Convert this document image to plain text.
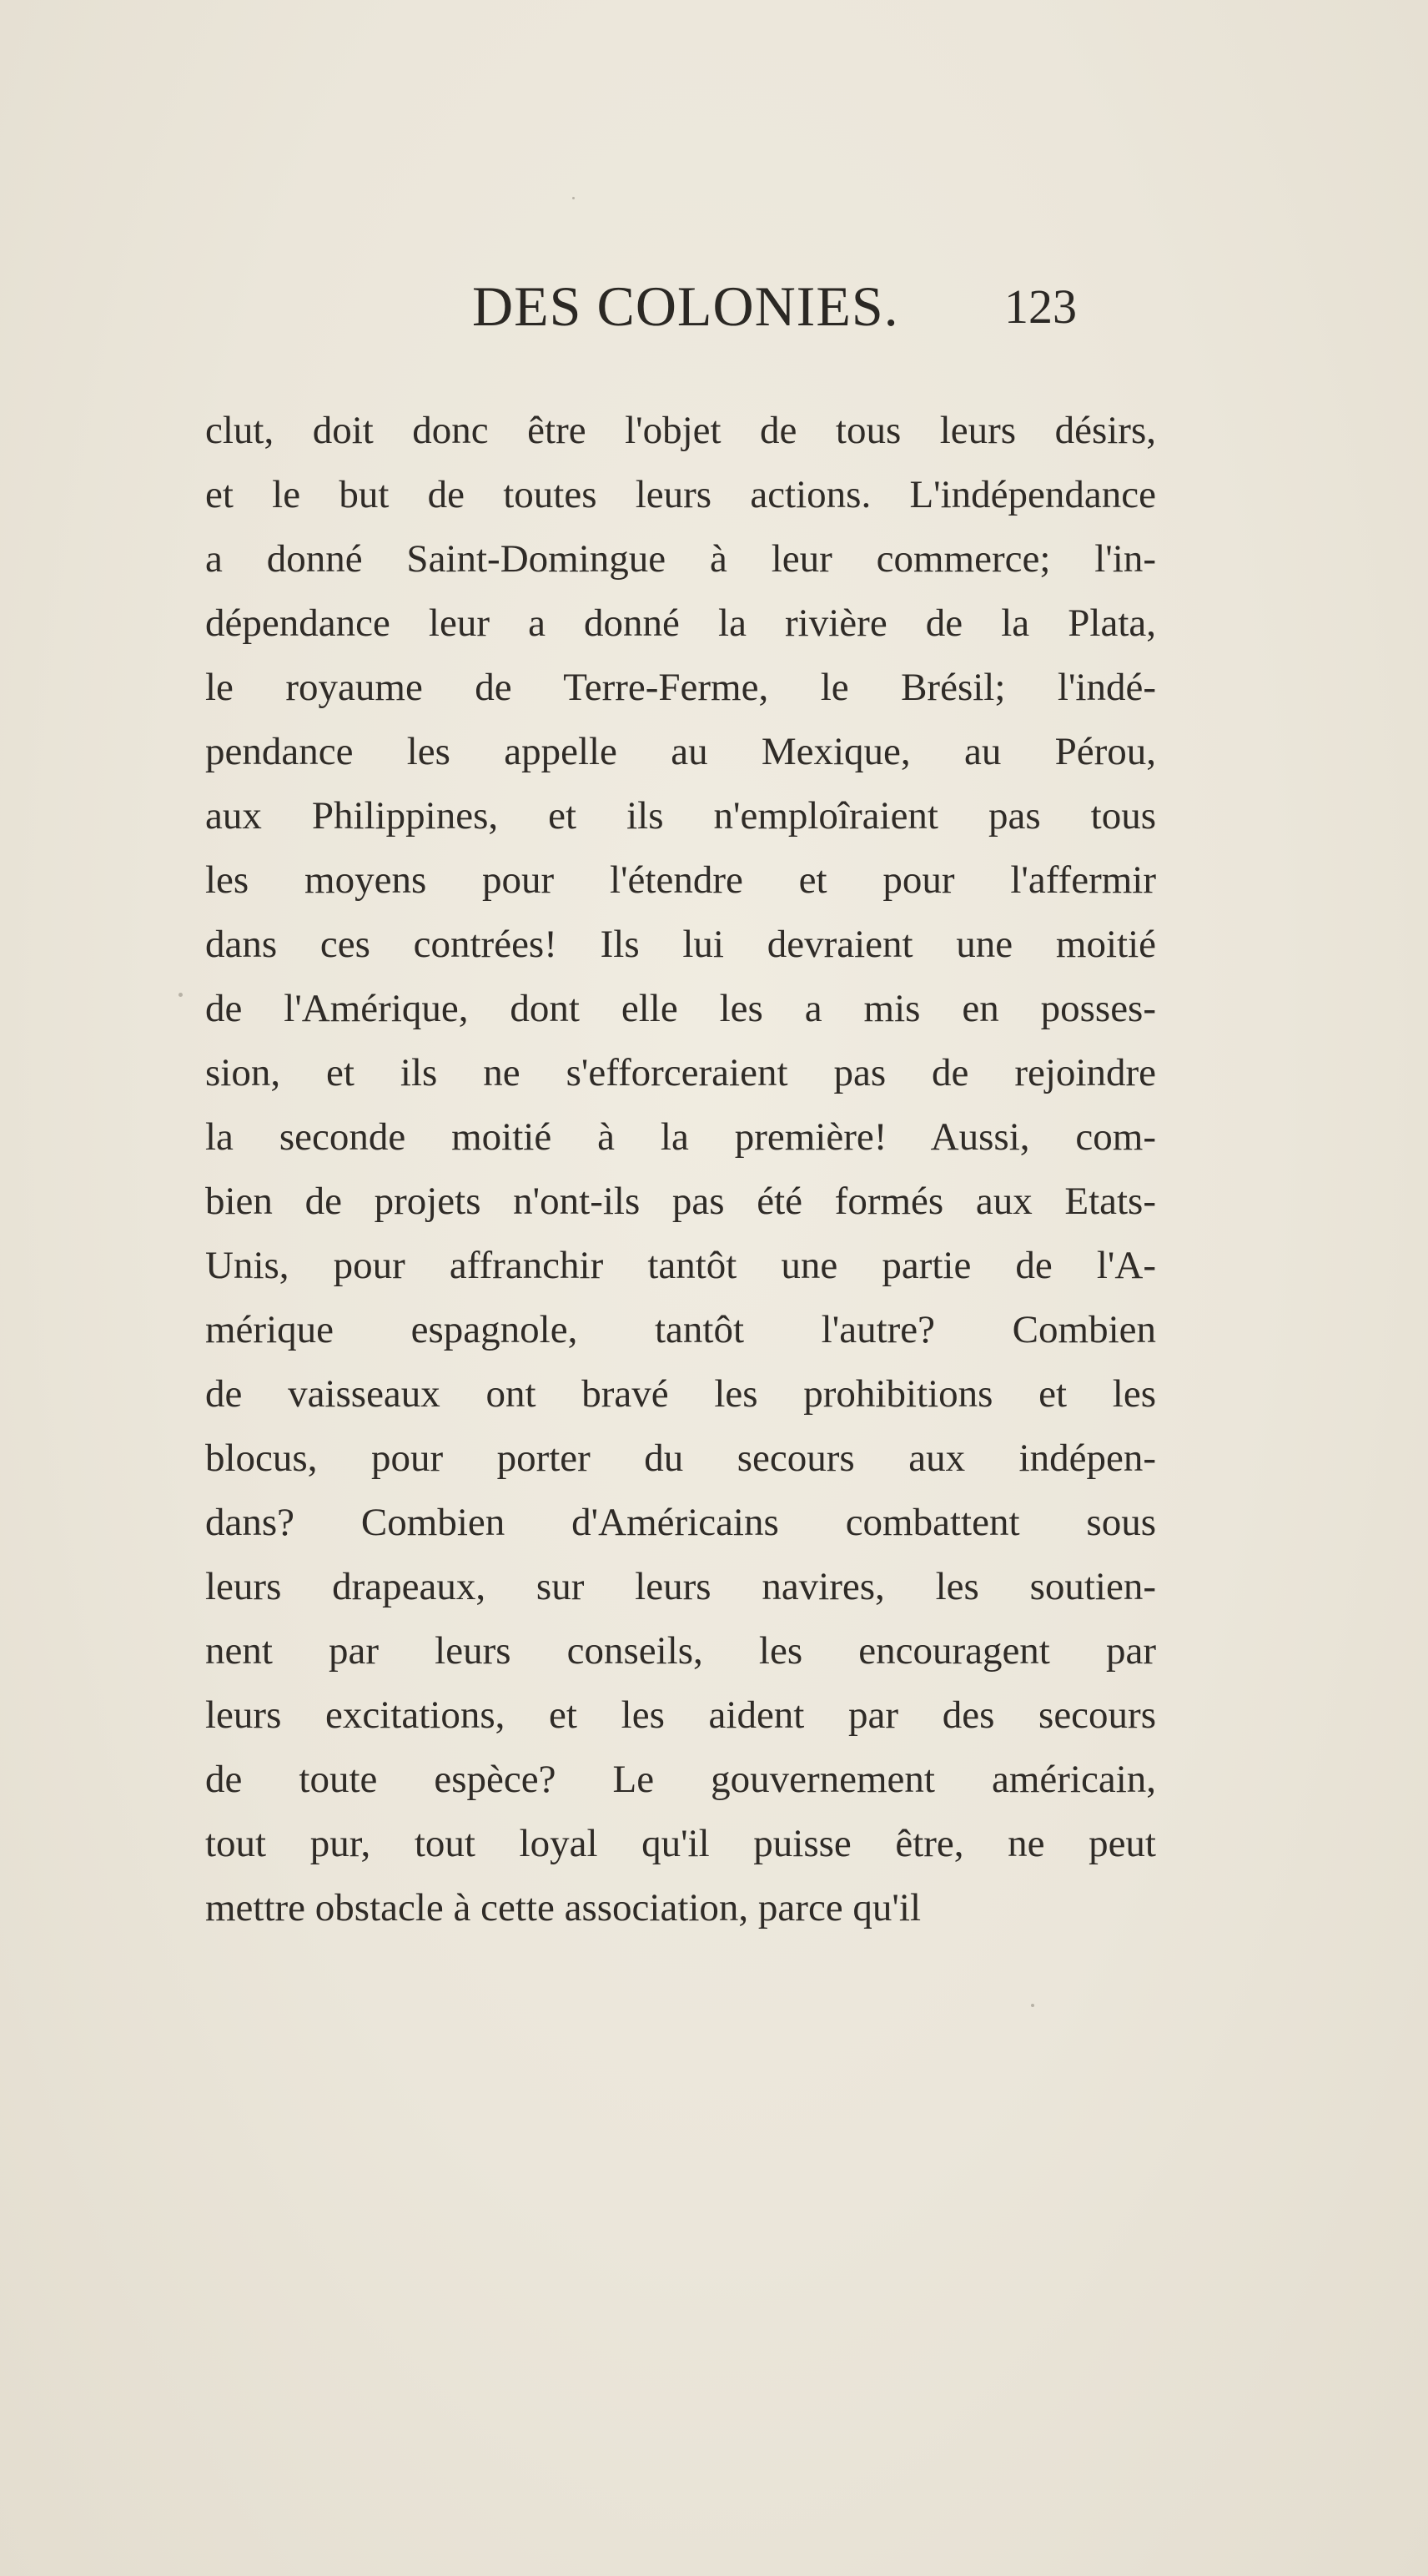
DES COLONIES. 123
clut, doit donc être l'objet de tous leurs désirs,
et le but de toutes leurs actions. L'indépendance
a donné Saint-Domingue à leur commerce; l'in-
dépendance leur a donné la rivière de la Plata,
le royaume de Terre-Ferme, le Brésil; l'indé-
pendance les appelle au Mexique, au Pérou,
aux Philippines, et ils n'emploîraient pas tous
les moyens pour l'étendre et pour l'affermir
dans ces contrées! Ils lui devraient une moitié
de l'Amérique, dont elle les a mis en posses-
sion, et ils ne s'efforceraient pas de rejoindre
la seconde moitié à la première! Aussi, com-
bien de projets n'ont-ils pas été formés aux Etats-
Unis, pour affranchir tantôt une partie de l'A-
mérique espagnole, tantôt l'autre? Combien
de vaisseaux ont bravé les prohibitions et les
blocus, pour porter du secours aux indépen-
dans? Combien d'Américains combattent sous
leurs drapeaux, sur leurs navires, les soutien-
nent par leurs conseils, les encouragent par
leurs excitations, et les aident par des secours
de toute espèce? Le gouvernement américain,
tout pur, tout loyal qu'il puisse être, ne peut
mettre obstacle à cette association, parce qu'il
